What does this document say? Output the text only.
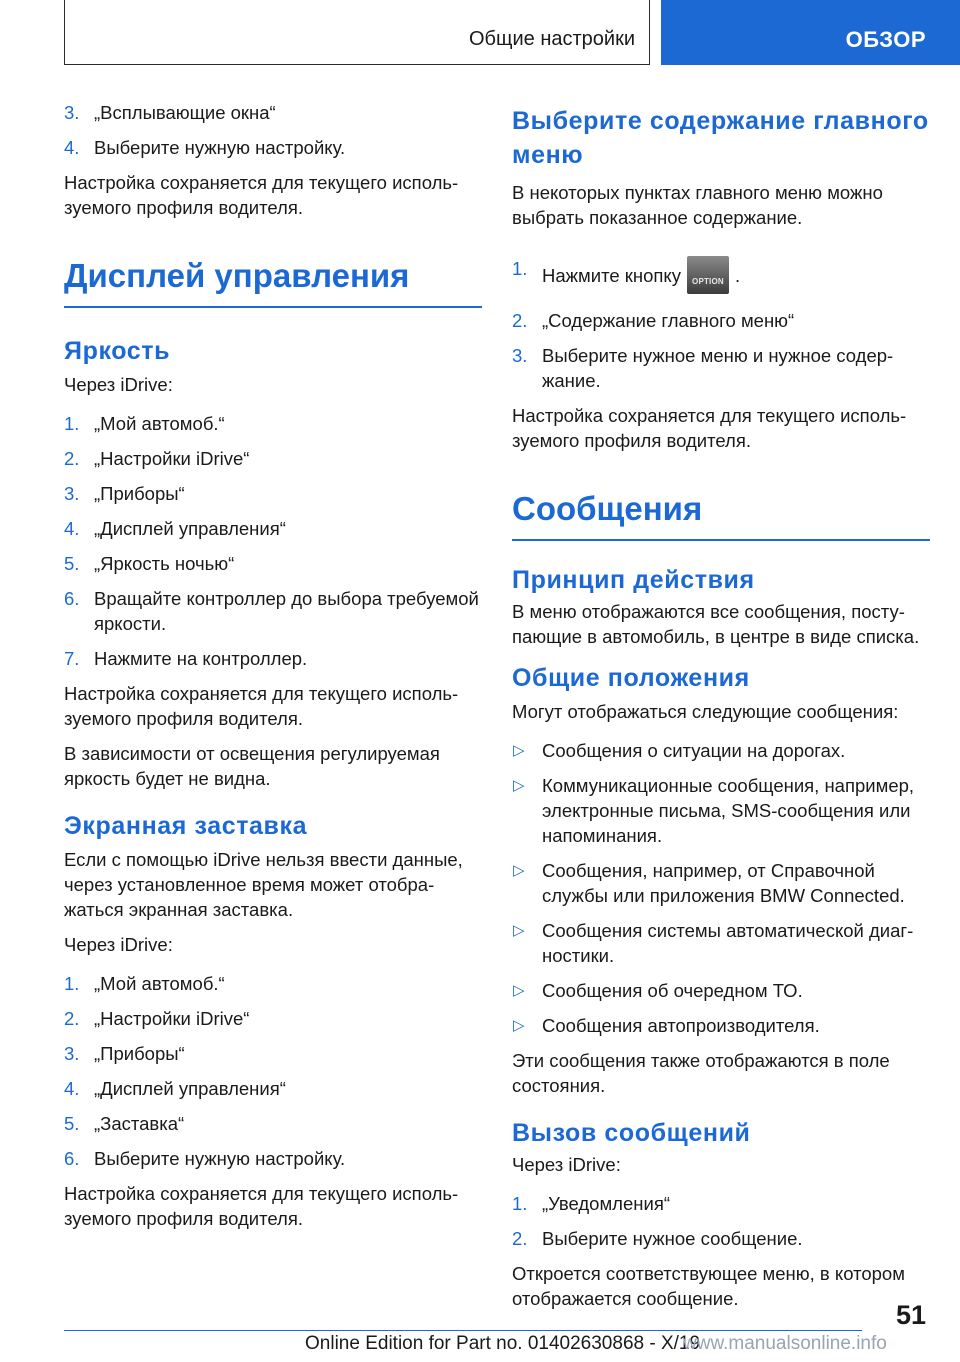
Общие настройки	ОБЗОР
3. „Всплывающие окна“
4. Выберите нужную настройку.

Настройка сохраняется для текущего используемого профиля водителя.

Дисплей управления
Яркость

Через iDrive:

1. „Мой автомоб.“
2. „Настройки iDrive“
3. „Приборы“
4. „Дисплей управления“
5. „Яркость ночью“
6. Вращайте контроллер до выбора требуемой яркости.
7. Нажмите на контроллер.

Настройка сохраняется для текущего используемого профиля водителя.

В зависимости от освещения регулируемая яркость будет не видна.

Экранная заставка

Если с помощью iDrive нельзя ввести данные, через установленное время может отображаться экранная заставка.

Через iDrive:

1. „Мой автомоб.“
2. „Настройки iDrive“
3. „Приборы“
4. „Дисплей управления“
5. „Заставка“
6. Выберите нужную настройку.

Настройка сохраняется для текущего используемого профиля водителя.

Выберите содержание главного меню

В некоторых пунктах главного меню можно выбрать показанное содержание.

1. Нажмите кнопку	OPTION .
2. „Содержание главного меню“
3. Выберите нужное меню и нужное содержание.

Настройка сохраняется для текущего используемого профиля водителя.

Сообщения
Принцип действия

В меню отображаются все сообщения, поступающие в автомобиль, в центре в виде списка.

Общие положения

Могут отображаться следующие сообщения:

▷ Сообщения о ситуации на дорогах.
▷ Коммуникационные сообщения, например, электронные письма, SMS-сообщения или напоминания.
▷ Сообщения, например, от Справочной службы или приложения BMW Connected.
▷ Сообщения системы автоматической диагностики.
▷ Сообщения об очередном ТО.
▷ Сообщения автопроизводителя.

Эти сообщения также отображаются в поле состояния.

Вызов сообщений

Через iDrive:

1. „Уведомления“
2. Выберите нужное сообщение.

Откроется соответствующее меню, в котором отображается сообщение.

51
Online Edition for Part no. 01402630868 - X/19
www.manualsonline.info
